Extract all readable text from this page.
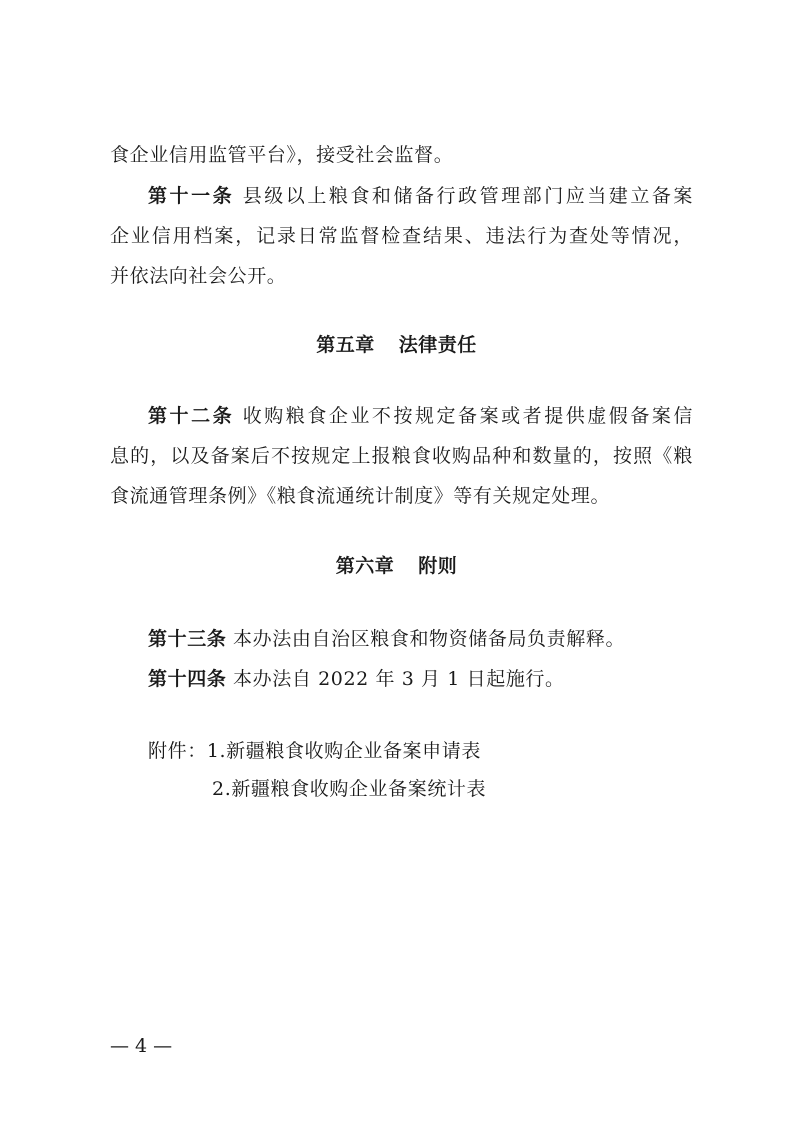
食企业信用监管平台》，接受社会监督。
第十一条 县级以上粮食和储备行政管理部门应当建立备案
企业信用档案，记录日常监督检查结果、违法行为查处等情况，
并依法向社会公开。
第五章 法律责任
第十二条 收购粮食企业不按规定备案或者提供虚假备案信
息的，以及备案后不按规定上报粮食收购品种和数量的，按照《粮
食流通管理条例》《粮食流通统计制度》等有关规定处理。
第六章 附则
第十三条 本办法由自治区粮食和物资储备局负责解释。
第十四条 本办法自 2022 年 3 月 1 日起施行。
附件：1.新疆粮食收购企业备案申请表
2.新疆粮食收购企业备案统计表
— 4 —
